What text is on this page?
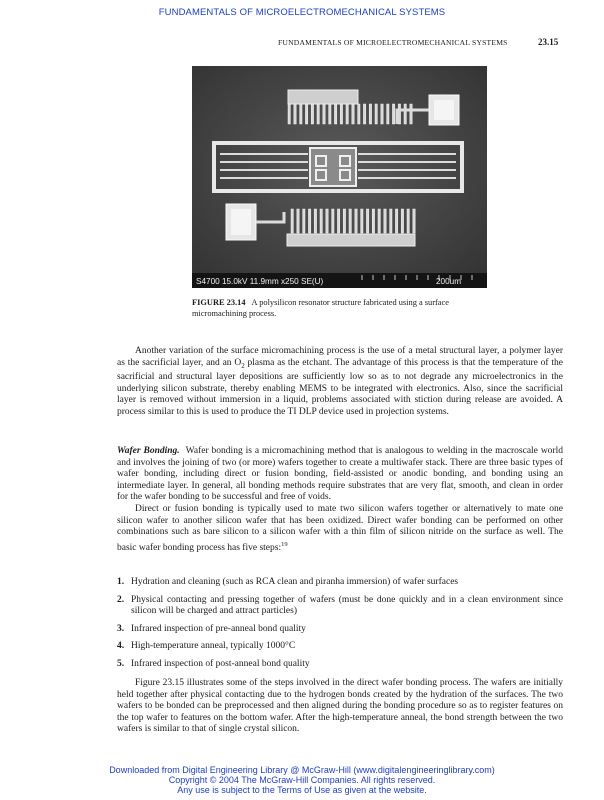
FUNDAMENTALS OF MICROELECTROMECHANICAL SYSTEMS
FUNDAMENTALS OF MICROELECTROMECHANICAL SYSTEMS	23.15
S4700 15.0kV 11.9mm x250 SE(U)	200um
FIGURE 23.14 A polysilicon resonator structure fabricated using a surface micromachining process.

Another variation of the surface micromachining process is the use of a metal structural layer, a polymer layer as the sacrificial layer, and an $O_2$ plasma as the etchant. The advantage of this process is that the temperature of the sacrificial and structural layer depositions are sufficiently low so as to not degrade any microelectronics in the underlying silicon substrate, thereby enabling MEMS to be integrated with electronics. Also, since the sacrificial layer is removed without immersion in a liquid, problems associated with stiction during release are avoided. A process similar to this is used to produce the TI DLP device used in projection systems.

Wafer Bonding. Wafer bonding is a micromachining method that is analogous to welding in the macroscale world and involves the joining of two (or more) wafers together to create a multiwafer stack. There are three basic types of wafer bonding, including direct or fusion bonding, field-assisted or anodic bonding, and bonding using an intermediate layer. In general, all bonding methods require substrates that are very flat, smooth, and clean in order for the wafer bonding to be successful and free of voids.

Direct or fusion bonding is typically used to mate two silicon wafers together or alternatively to mate one silicon wafer to another silicon wafer that has been oxidized. Direct wafer bonding can be performed on other combinations such as bare silicon to a silicon wafer with a thin film of silicon nitride on the surface as well. The basic wafer bonding process has five steps:$^{19}$

1. Hydration and cleaning (such as RCA clean and piranha immersion) of wafer surfaces
2. Physical contacting and pressing together of wafers (must be done quickly and in a clean environment since silicon will be charged and attract particles)
3. Infrared inspection of pre-anneal bond quality
4. High-temperature anneal, typically 1000°C
5. Infrared inspection of post-anneal bond quality

Figure 23.15 illustrates some of the steps involved in the direct wafer bonding process. The wafers are initially held together after physical contacting due to the hydrogen bonds created by the hydration of the surfaces. The two wafers to be bonded can be preprocessed and then aligned during the bonding procedure so as to register features on the top wafer to features on the bottom wafer. After the high-temperature anneal, the bond strength between the two wafers is similar to that of single crystal silicon.

Downloaded from Digital Engineering Library @ McGraw-Hill (www.digitalengineeringlibrary.com)
Copyright © 2004 The McGraw-Hill Companies. All rights reserved.
Any use is subject to the Terms of Use as given at the website.
